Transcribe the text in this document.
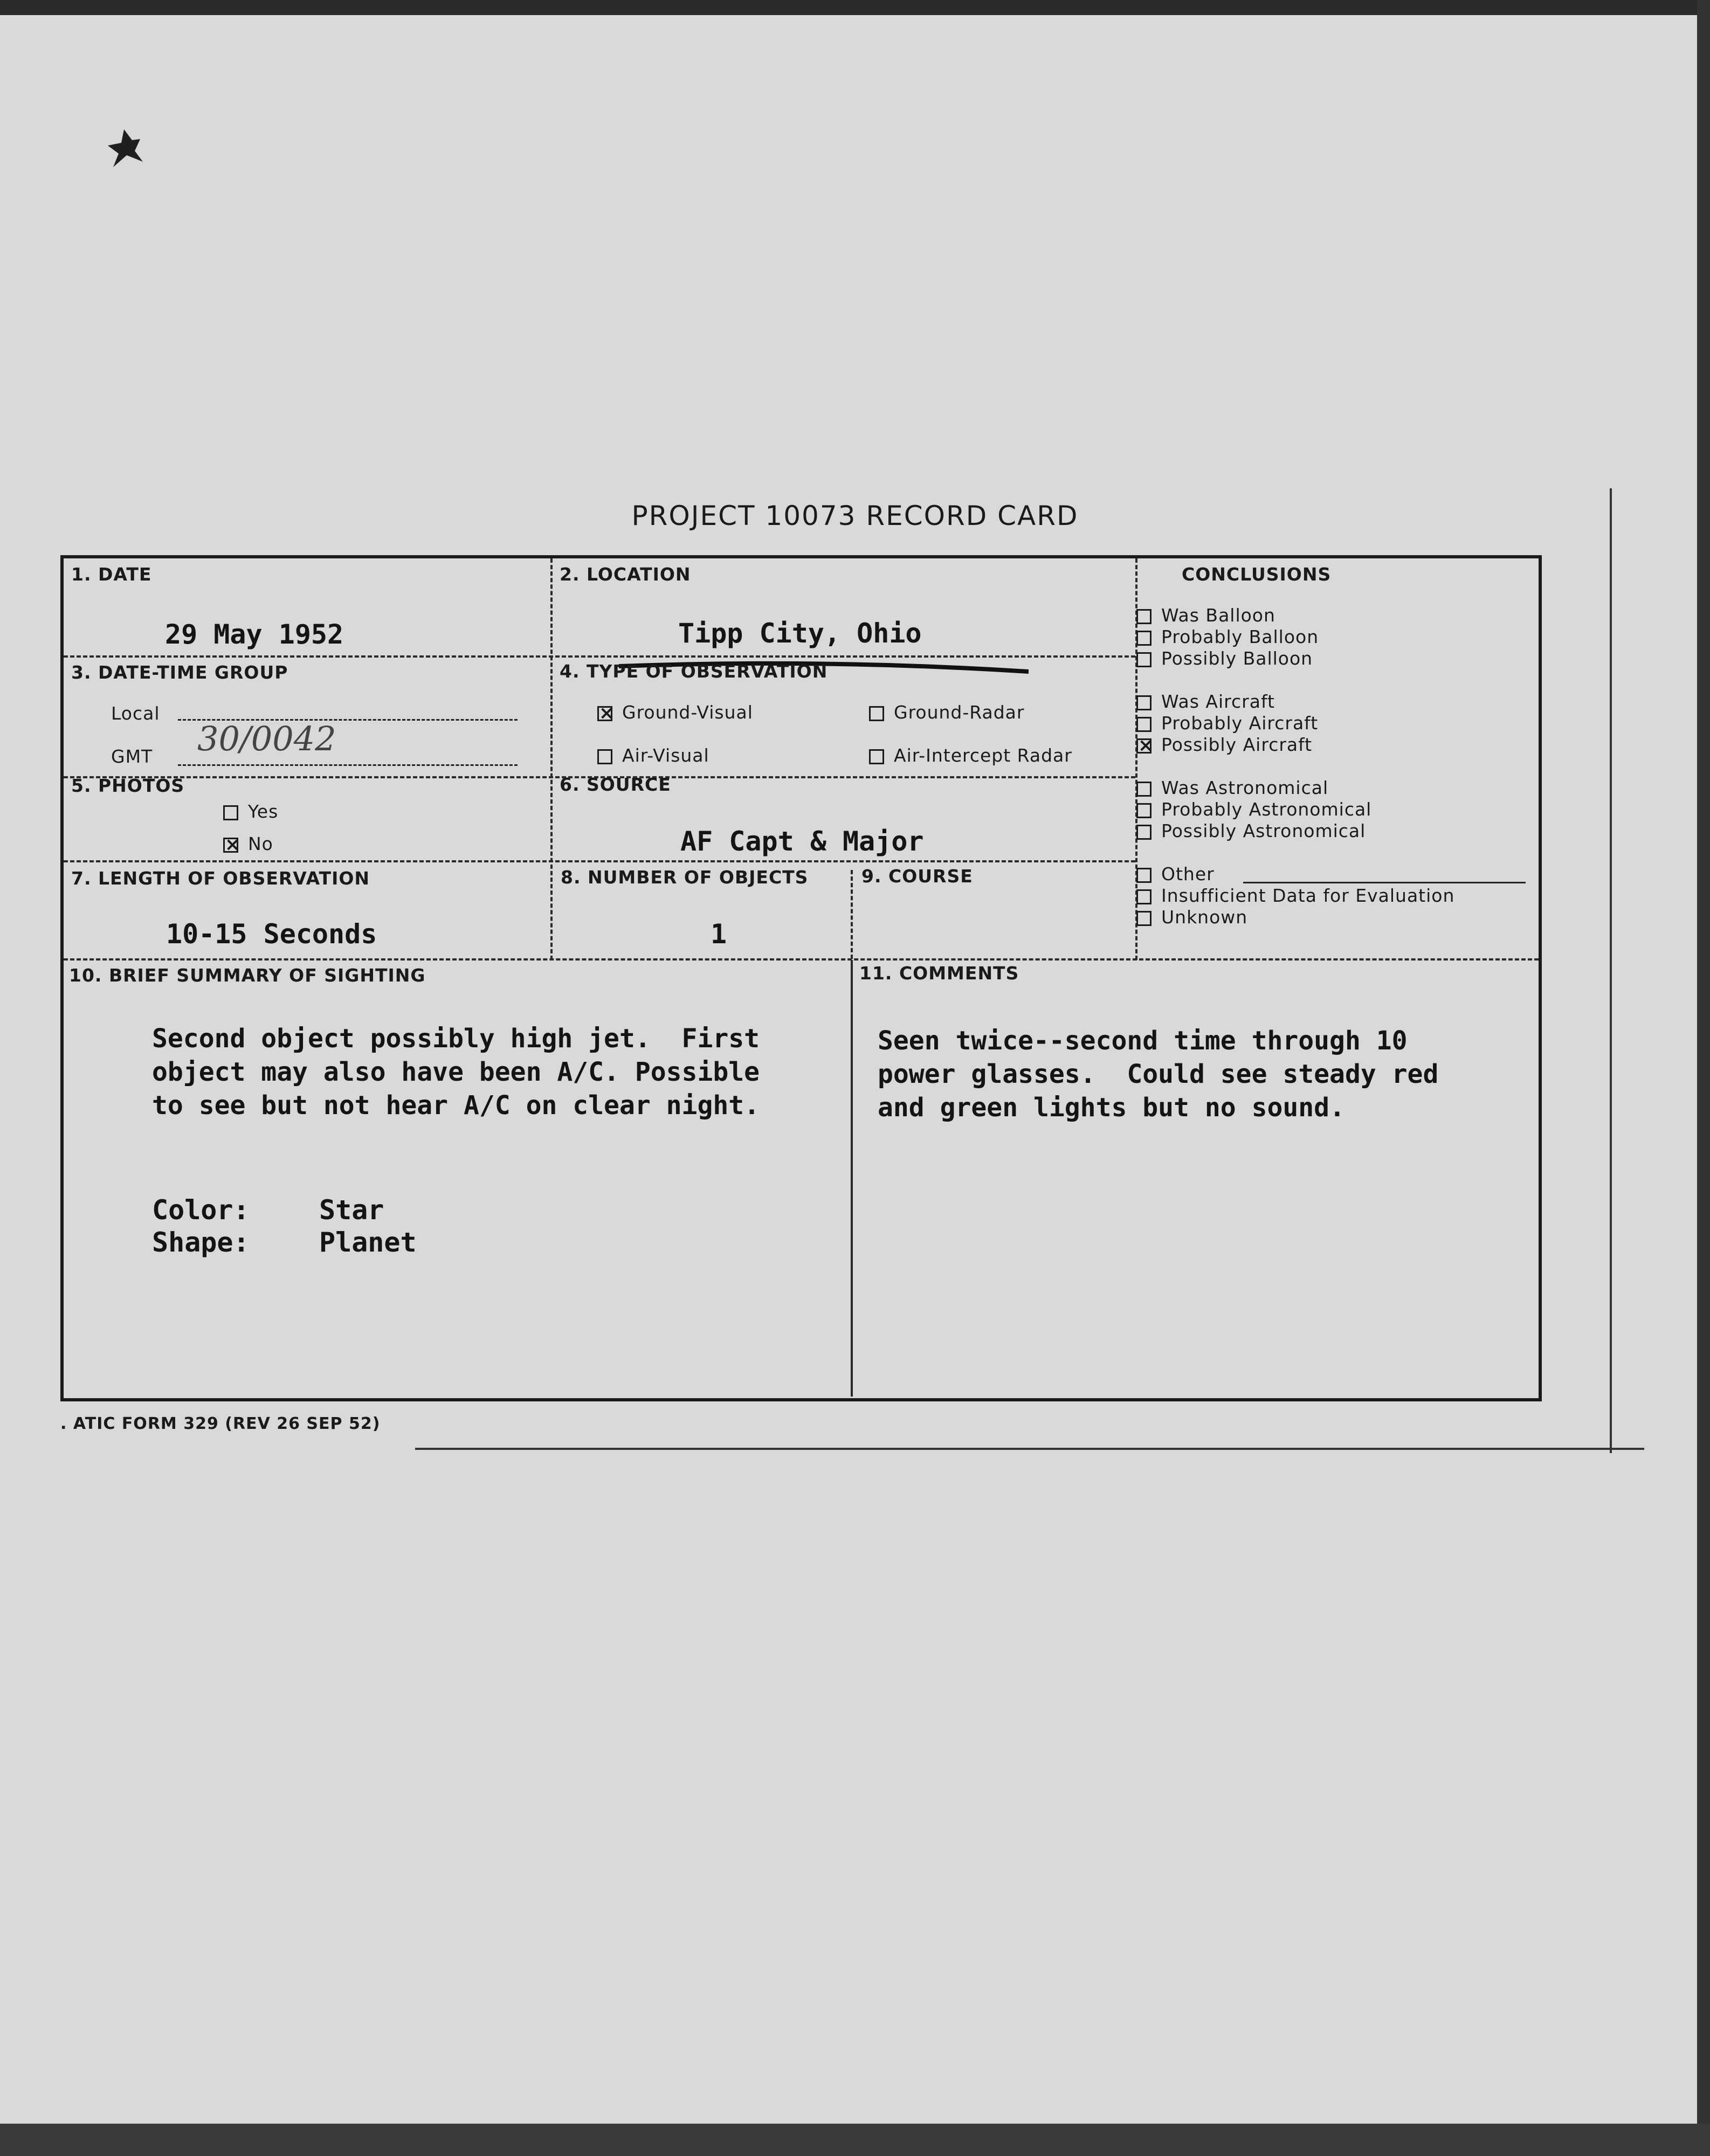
PROJECT 10073 RECORD CARD
1. DATE
29 May 1952
2. LOCATION
Tipp City, Ohio
3. DATE-TIME GROUP
Local
GMT 30/0042
4. TYPE OF OBSERVATION
× Ground-Visual	Ground-Radar
Air-Visual	Air-Intercept Radar
5. PHOTOS
Yes
× No
6. SOURCE
AF Capt & Major
7. LENGTH OF OBSERVATION
10-15 Seconds
8. NUMBER OF OBJECTS
1
9. COURSE
10. BRIEF SUMMARY OF SIGHTING
Second object possibly high jet.  First
object may also have been A/C. Possible
to see but not hear A/C on clear night.
Color:	Star
Shape:	Planet
11. COMMENTS
Seen twice--second time through 10
power glasses.  Could see steady red
and green lights but no sound.
CONCLUSIONS
Was Balloon
Probably Balloon
Possibly Balloon
Was Aircraft
Probably Aircraft
× Possibly Aircraft
Was Astronomical
Probably Astronomical
Possibly Astronomical
Other
Insufficient Data for Evaluation
Unknown
. ATIC FORM 329 (REV 26 SEP 52)
